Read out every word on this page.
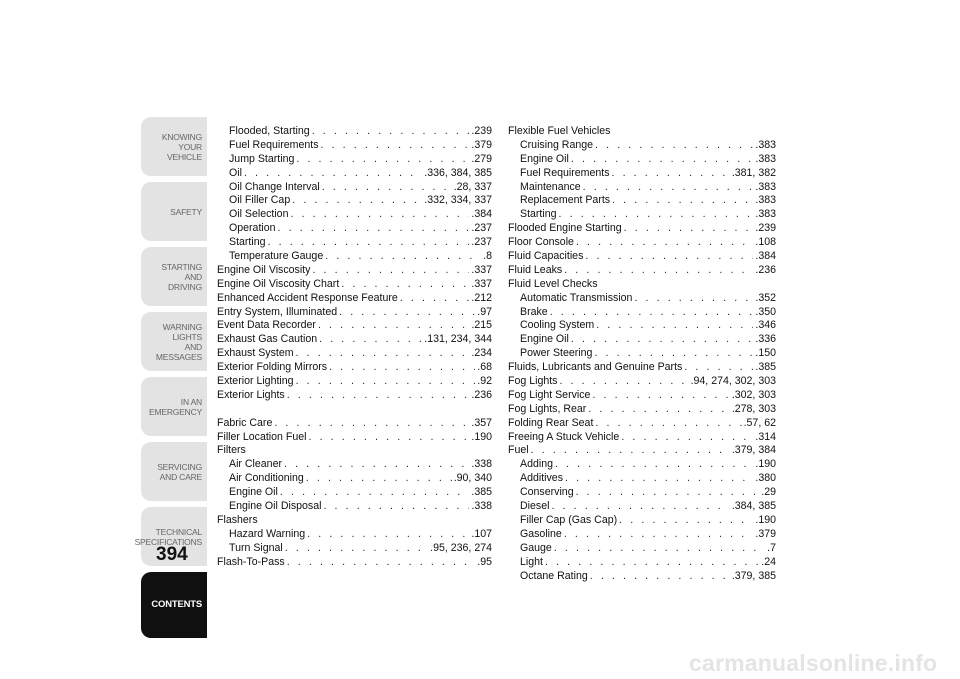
KNOWING
YOUR
VEHICLE
SAFETY
STARTING
AND
DRIVING
WARNING
LIGHTS
AND
MESSAGES
IN AN
EMERGENCY
SERVICING
AND CARE
TECHNICAL
SPECIFICATIONS
CONTENTS
394
Flooded, Starting . . .	.239
Fuel Requirements . . .	.379
Jump Starting . . .	.279
Oil . . .	.336, 384, 385
Oil Change Interval . . .	.28, 337
Oil Filler Cap . . .	.332, 334, 337
Oil Selection . . .	.384
Operation . . .	.237
Starting . . .	.237
Temperature Gauge . . .	.8
Engine Oil Viscosity . . .	.337
Engine Oil Viscosity Chart . . .	.337
Enhanced Accident Response Feature . . .	.212
Entry System, Illuminated . . .	.97
Event Data Recorder . . .	.215
Exhaust Gas Caution . . .	.131, 234, 344
Exhaust System . . .	.234
Exterior Folding Mirrors . . .	.68
Exterior Lighting . . .	.92
Exterior Lights . . .	.236
Fabric Care . . .	.357
Filler Location Fuel . . .	.190
Filters
Air Cleaner . . .	.338
Air Conditioning . . .	.90, 340
Engine Oil . . .	.385
Engine Oil Disposal . . .	.338
Flashers
Hazard Warning . . .	.107
Turn Signal . . .	.95, 236, 274
Flash-To-Pass . . .	.95
Flexible Fuel Vehicles
Cruising Range . . .	.383
Engine Oil . . .	.383
Fuel Requirements . . .	.381, 382
Maintenance . . .	.383
Replacement Parts . . .	.383
Starting . . .	.383
Flooded Engine Starting . . .	.239
Floor Console . . .	.108
Fluid Capacities . . .	.384
Fluid Leaks . . .	.236
Fluid Level Checks
Automatic Transmission . . .	.352
Brake . . .	.350
Cooling System . . .	.346
Engine Oil . . .	.336
Power Steering . . .	.150
Fluids, Lubricants and Genuine Parts . . .	.385
Fog Lights . . .	.94, 274, 302, 303
Fog Light Service . . .	.302, 303
Fog Lights, Rear . . .	.278, 303
Folding Rear Seat . . .	.57, 62
Freeing A Stuck Vehicle . . .	.314
Fuel . . .	.379, 384
Adding . . .	.190
Additives . . .	.380
Conserving . . .	.29
Diesel . . .	.384, 385
Filler Cap (Gas Cap) . . .	.190
Gasoline . . .	.379
Gauge . . .	.7
Light . . .	.24
Octane Rating . . .	.379, 385
carmanualsonline.info
